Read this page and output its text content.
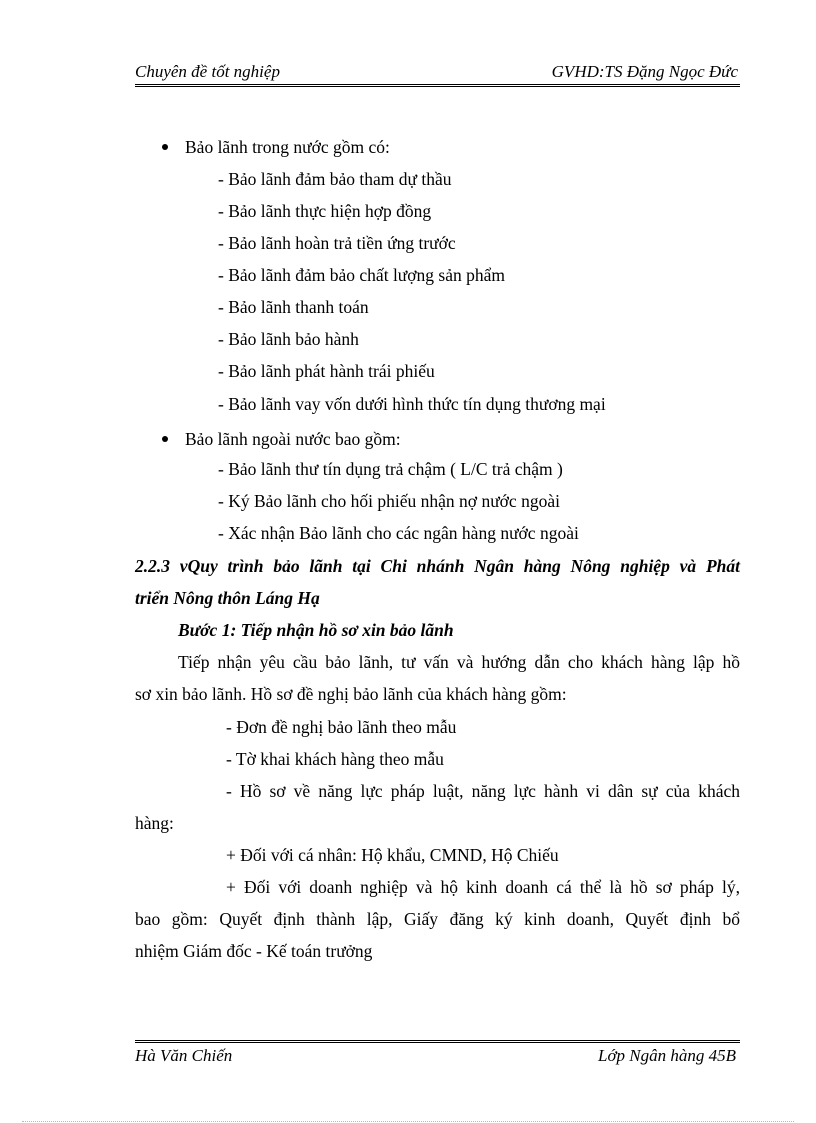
Chuyên đề tốt nghiệp	GVHD:TS Đặng Ngọc Đức
Bảo lãnh trong nước gồm có:
- Bảo lãnh đảm bảo tham dự thầu
- Bảo lãnh thực hiện hợp đồng
- Bảo lãnh hoàn trả tiền ứng trước
- Bảo lãnh đảm bảo chất lượng sản phẩm
- Bảo lãnh thanh toán
- Bảo lãnh bảo hành
- Bảo lãnh phát hành trái phiếu
- Bảo lãnh vay vốn dưới hình thức tín dụng thương mại
Bảo lãnh ngoài nước bao gồm:
- Bảo lãnh thư tín dụng trả chậm ( L/C trả chậm )
- Ký Bảo lãnh cho hối phiếu nhận nợ nước ngoài
- Xác nhận Bảo lãnh cho các ngân hàng nước ngoài
2.2.3 vQuy trình bảo lãnh tại Chi nhánh Ngân hàng Nông nghiệp và Phát
triển Nông thôn Láng Hạ
Bước 1: Tiếp nhận hồ sơ xin bảo lãnh
Tiếp nhận yêu cầu bảo lãnh, tư vấn và hướng dẫn cho khách hàng lập hồ
sơ xin bảo lãnh. Hồ sơ đề nghị bảo lãnh của khách hàng gồm:
- Đơn đề nghị bảo lãnh theo mẫu
- Tờ khai khách hàng theo mẫu
- Hồ sơ về năng lực pháp luật, năng lực hành vi dân sự của khách
hàng:
+ Đối với cá nhân: Hộ khẩu, CMND, Hộ Chiếu
+ Đối với doanh nghiệp và hộ kinh doanh cá thể là hồ sơ pháp lý,
bao gồm: Quyết định thành lập, Giấy đăng ký kinh doanh, Quyết định bổ
nhiệm Giám đốc - Kế toán trưởng
Hà Văn Chiến	Lớp Ngân hàng 45B
